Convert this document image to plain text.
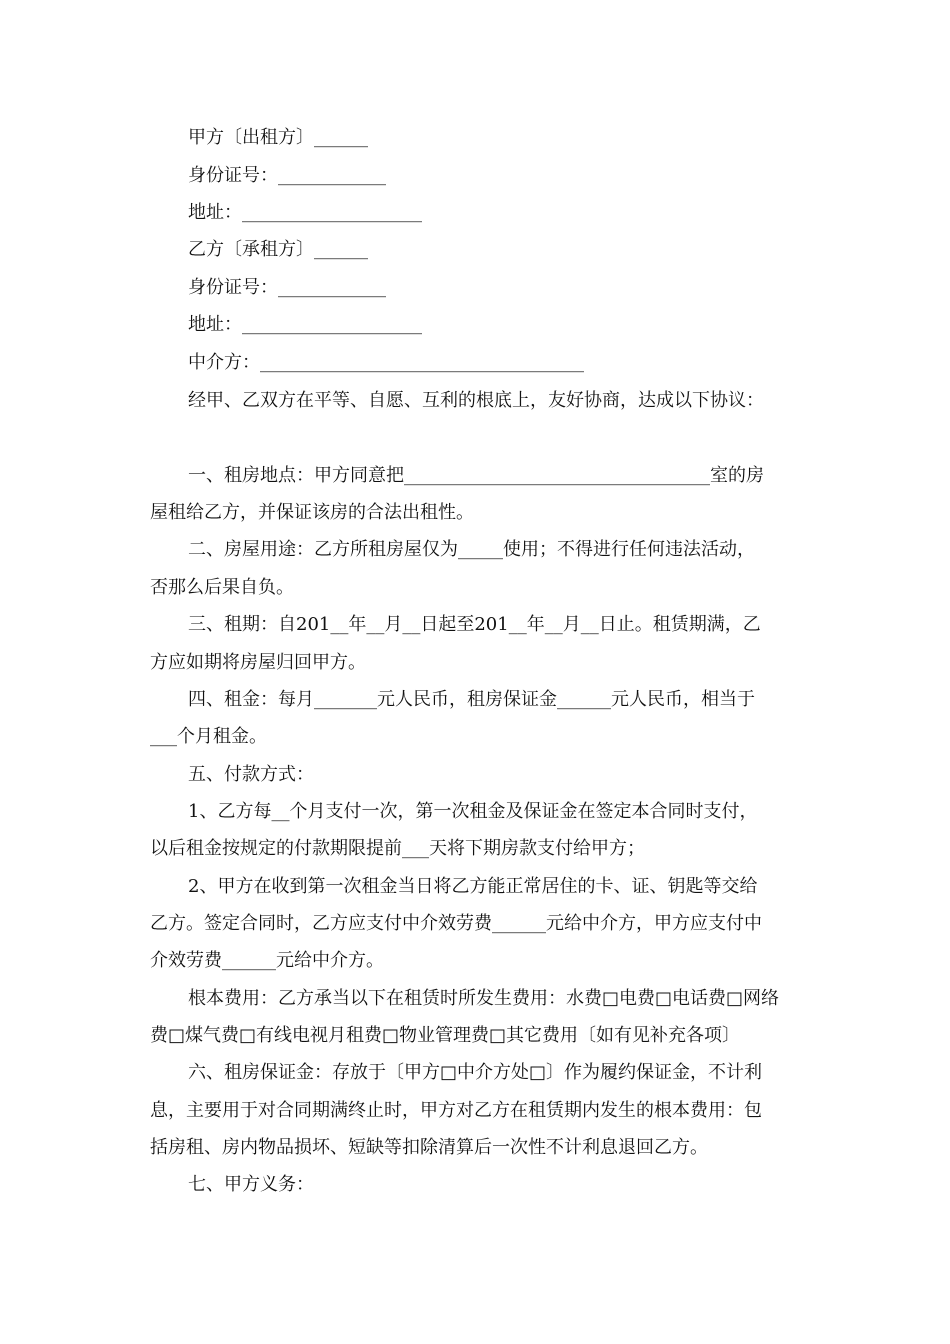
甲方〔出租方〕______
身份证号：____________
地址：____________________
乙方〔承租方〕______
身份证号：____________
地址：____________________
中介方：____________________________________
经甲、乙双方在平等、自愿、互利的根底上，友好协商，达成以下协议：
一、租房地点：甲方同意把__________________________________室的房
屋租给乙方，并保证该房的合法出租性。
二、房屋用途：乙方所租房屋仅为_____使用；不得进行任何违法活动，
否那么后果自负。
三、租期：自201__年__月__日起至201__年__月__日止。租赁期满，乙
方应如期将房屋归回甲方。
四、租金：每月_______元人民币，租房保证金______元人民币，相当于
___个月租金。
五、付款方式：
1、乙方每__个月支付一次，第一次租金及保证金在签定本合同时支付，
以后租金按规定的付款期限提前___天将下期房款支付给甲方；
2、甲方在收到第一次租金当日将乙方能正常居住的卡、证、钥匙等交给
乙方。签定合同时，乙方应支付中介效劳费______元给中介方，甲方应支付中
介效劳费______元给中介方。
根本费用：乙方承当以下在租赁时所发生费用：水费□电费□电话费□网络
费□煤气费□有线电视月租费□物业管理费□其它费用〔如有见补充各项〕
六、租房保证金：存放于〔甲方□中介方处□〕作为履约保证金，不计利
息，主要用于对合同期满终止时，甲方对乙方在租赁期内发生的根本费用：包
括房租、房内物品损坏、短缺等扣除清算后一次性不计利息退回乙方。
七、甲方义务：
